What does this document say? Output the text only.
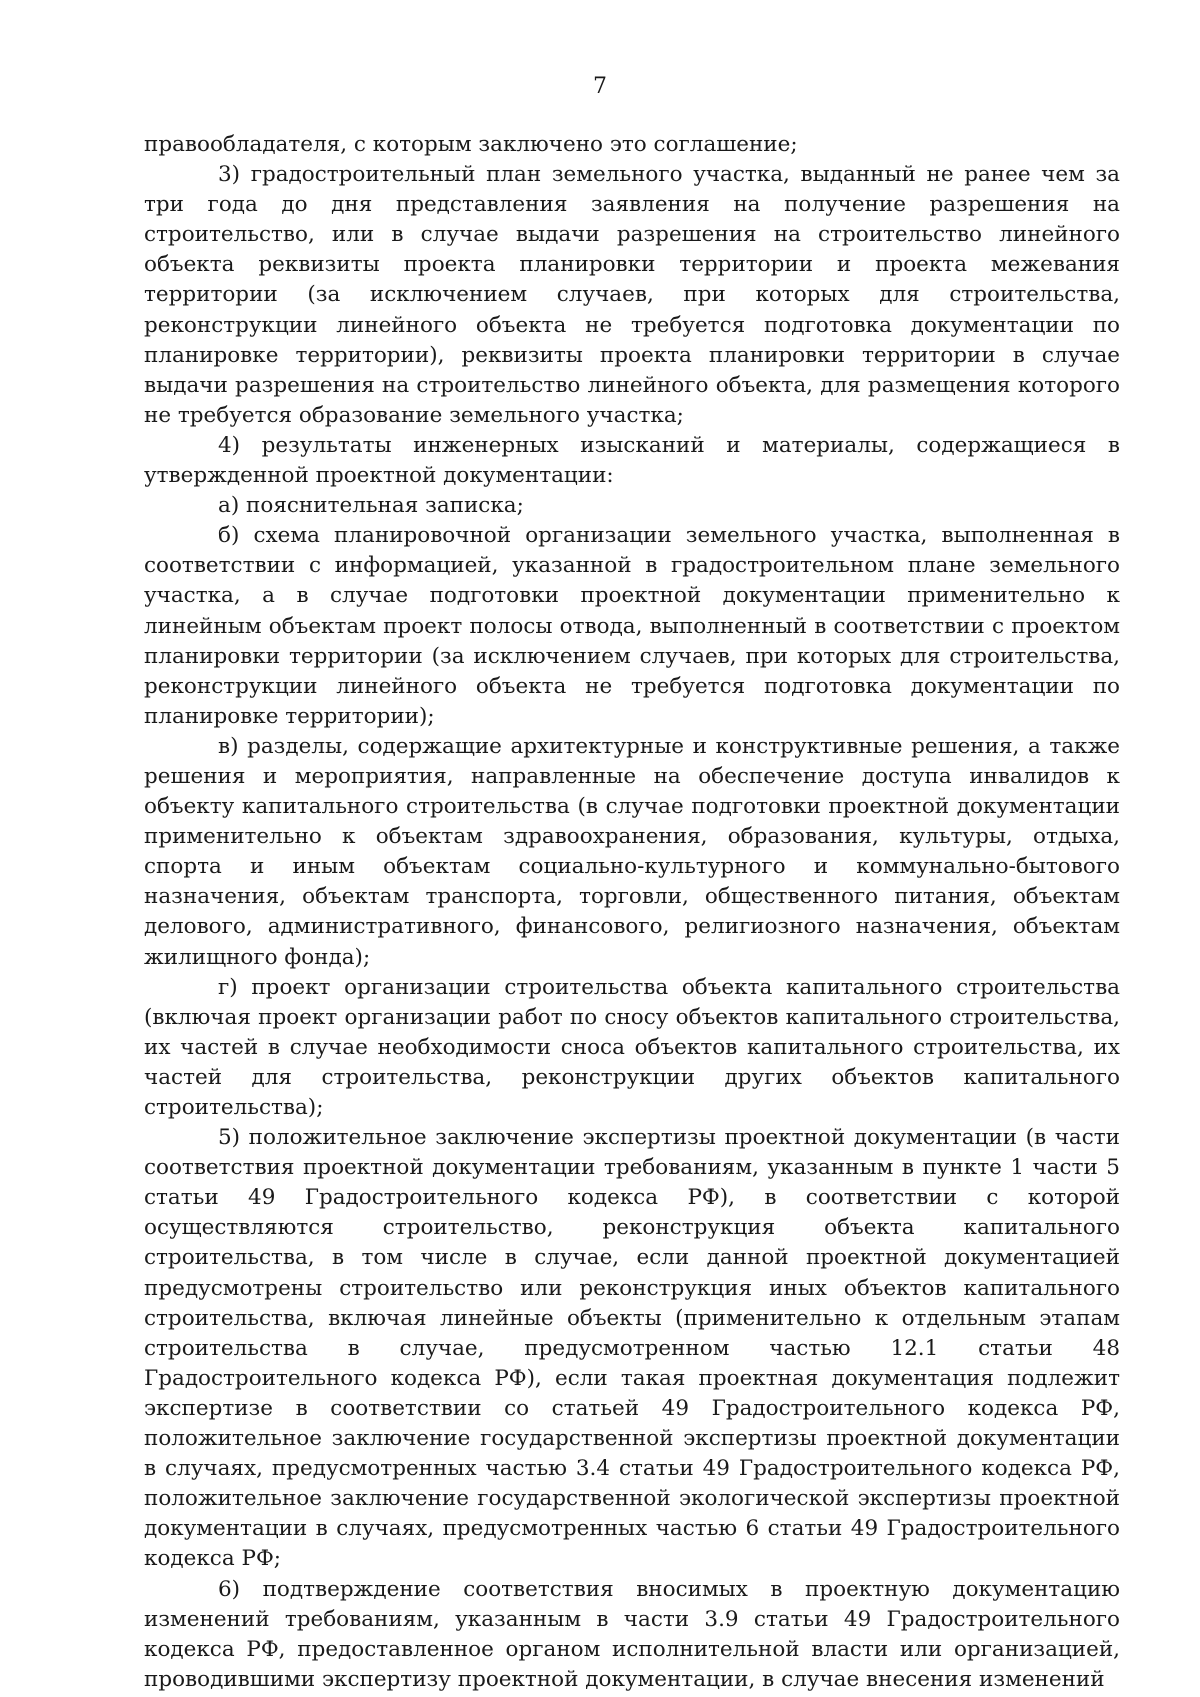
7

правообладателя, с которым заключено это соглашение;

3) градостроительный план земельного участка, выданный не ранее чем за три года до дня представления заявления на получение разрешения на строительство, или в случае выдачи разрешения на строительство линейного объекта реквизиты проекта планировки территории и проекта межевания территории (за исключением случаев, при которых для строительства, реконструкции линейного объекта не требуется подготовка документации по планировке территории), реквизиты проекта планировки территории в случае выдачи разрешения на строительство линейного объекта, для размещения которого не требуется образование земельного участка;

4) результаты инженерных изысканий и материалы, содержащиеся в утвержденной проектной документации:

а) пояснительная записка;

б) схема планировочной организации земельного участка, выполненная в соответствии с информацией, указанной в градостроительном плане земельного участка, а в случае подготовки проектной документации применительно к линейным объектам проект полосы отвода, выполненный в соответствии с проектом планировки территории (за исключением случаев, при которых для строительства, реконструкции линейного объекта не требуется подготовка документации по планировке территории);

в) разделы, содержащие архитектурные и конструктивные решения, а также решения и мероприятия, направленные на обеспечение доступа инвалидов к объекту капитального строительства (в случае подготовки проектной документации применительно к объектам здравоохранения, образования, культуры, отдыха, спорта и иным объектам социально-культурного и коммунально-бытового назначения, объектам транспорта, торговли, общественного питания, объектам делового, административного, финансового, религиозного назначения, объектам жилищного фонда);

г) проект организации строительства объекта капитального строительства (включая проект организации работ по сносу объектов капитального строительства, их частей в случае необходимости сноса объектов капитального строительства, их частей для строительства, реконструкции других объектов капитального строительства);

5) положительное заключение экспертизы проектной документации (в части соответствия проектной документации требованиям, указанным в пункте 1 части 5 статьи 49 Градостроительного кодекса РФ), в соответствии с которой осуществляются строительство, реконструкция объекта капитального строительства, в том числе в случае, если данной проектной документацией предусмотрены строительство или реконструкция иных объектов капитального строительства, включая линейные объекты (применительно к отдельным этапам строительства в случае, предусмотренном частью 12.1 статьи 48 Градостроительного кодекса РФ), если такая проектная документация подлежит экспертизе в соответствии со статьей 49 Градостроительного кодекса РФ, положительное заключение государственной экспертизы проектной документации в случаях, предусмотренных частью 3.4 статьи 49 Градостроительного кодекса РФ, положительное заключение государственной экологической экспертизы проектной документации в случаях, предусмотренных частью 6 статьи 49 Градостроительного кодекса РФ;

6) подтверждение соответствия вносимых в проектную документацию изменений требованиям, указанным в части 3.9 статьи 49 Градостроительного кодекса РФ, предоставленное органом исполнительной власти или организацией, проводившими экспертизу проектной документации, в случае внесения изменений
